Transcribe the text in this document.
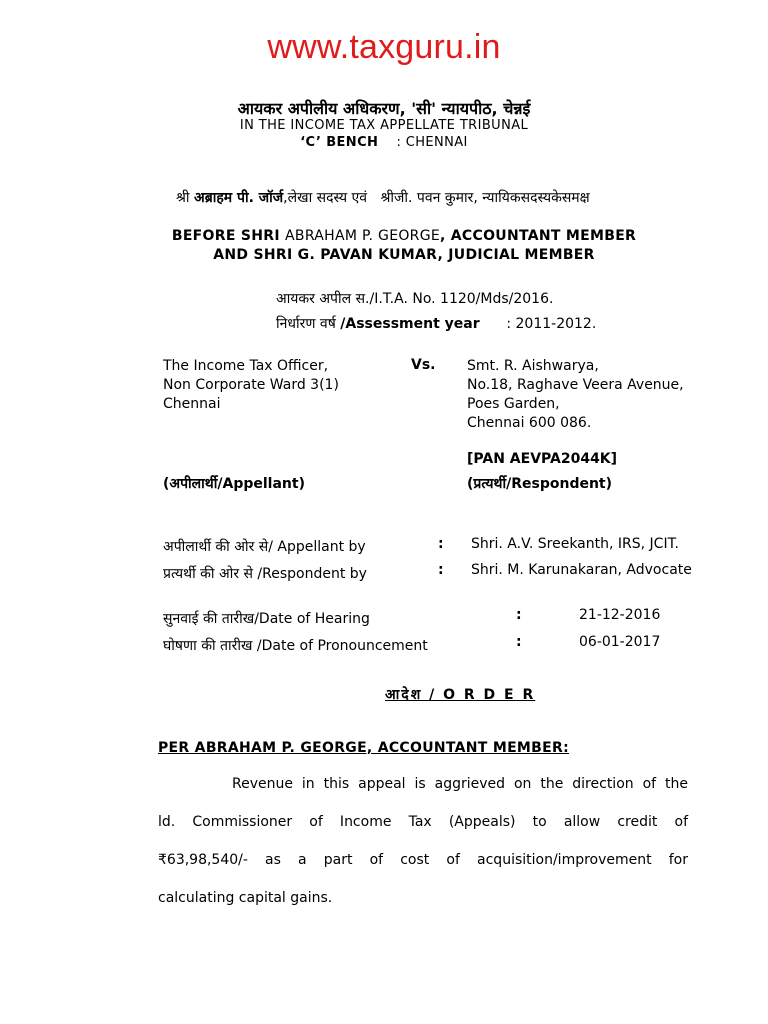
www.taxguru.in
आयकर अपीलीय अधिकरण, 'सी' न्यायपीठ, चेन्नई
IN THE INCOME TAX APPELLATE TRIBUNAL
‘C’ BENCH : CHENNAI
श्री अब्राहम पी. जॉर्ज,लेखा सदस्य एवं श्रीजी. पवन कुमार, न्यायिकसदस्यकेसमक्ष
BEFORE SHRI ABRAHAM P. GEORGE, ACCOUNTANT MEMBER
AND SHRI G. PAVAN KUMAR, JUDICIAL MEMBER
आयकर अपील स./I.T.A. No. 1120/Mds/2016.
निर्धारण वर्ष /Assessment year : 2011-2012.
The Income Tax Officer,
Non Corporate Ward 3(1)
Chennai
Vs. Smt. R. Aishwarya,
No.18, Raghave Veera Avenue,
Poes Garden,
Chennai 600 086.
[PAN AEVPA2044K]
(अपीलार्थी/Appellant)	(प्रत्यर्थी/Respondent)
अपीलार्थी की ओर से/ Appellant by	: Shri. A.V. Sreekanth, IRS, JCIT.
प्रत्यर्थी की ओर से /Respondent by	: Shri. M. Karunakaran, Advocate
सुनवाई की तारीख/Date of Hearing	:	21-12-2016
घोषणा की तारीख /Date of Pronouncement	:	06-01-2017
आदेश / O R D E R
PER ABRAHAM P. GEORGE, ACCOUNTANT MEMBER:
Revenue in this appeal is aggrieved on the direction of the
ld. Commissioner of Income Tax (Appeals) to allow credit of
₹63,98,540/- as a part of cost of acquisition/improvement for
calculating capital gains.
